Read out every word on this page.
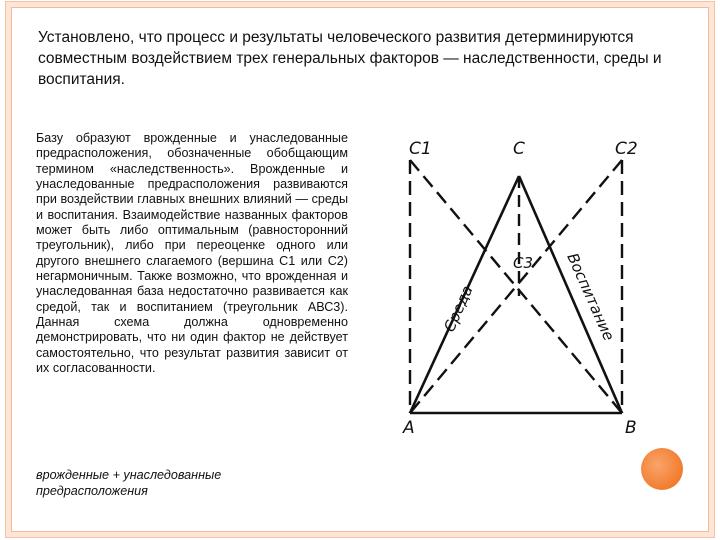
Установлено, что процесс и результаты человеческого развития детерминируются совместным воздействием трех генеральных факторов — наследственности, среды и воспитания.

Базу образуют врожденные и унаследованные предрасположения, обозначенные обобщающим термином «наследственность». Врожденные и унаследованные предрасположения развиваются при воздействии главных внешних влияний — среды и воспитания. Взаимодействие названных факторов может быть либо оптимальным (равносторонний треугольник), либо при переоценке одного или другого внешнего слагаемого (вершина С1 или С2) негармоничным. Также возможно, что врожденная и унаследованная база недостаточно развивается как средой, так и воспитанием (треугольник АВС3). Данная схема должна одновременно демонстрировать, что ни один фактор не действует самостоятельно, что результат развития зависит от их согласованности.

врожденные + унаследованные предрасположения

C1	C	C2
C3
A	B
Среда	Воспитание
